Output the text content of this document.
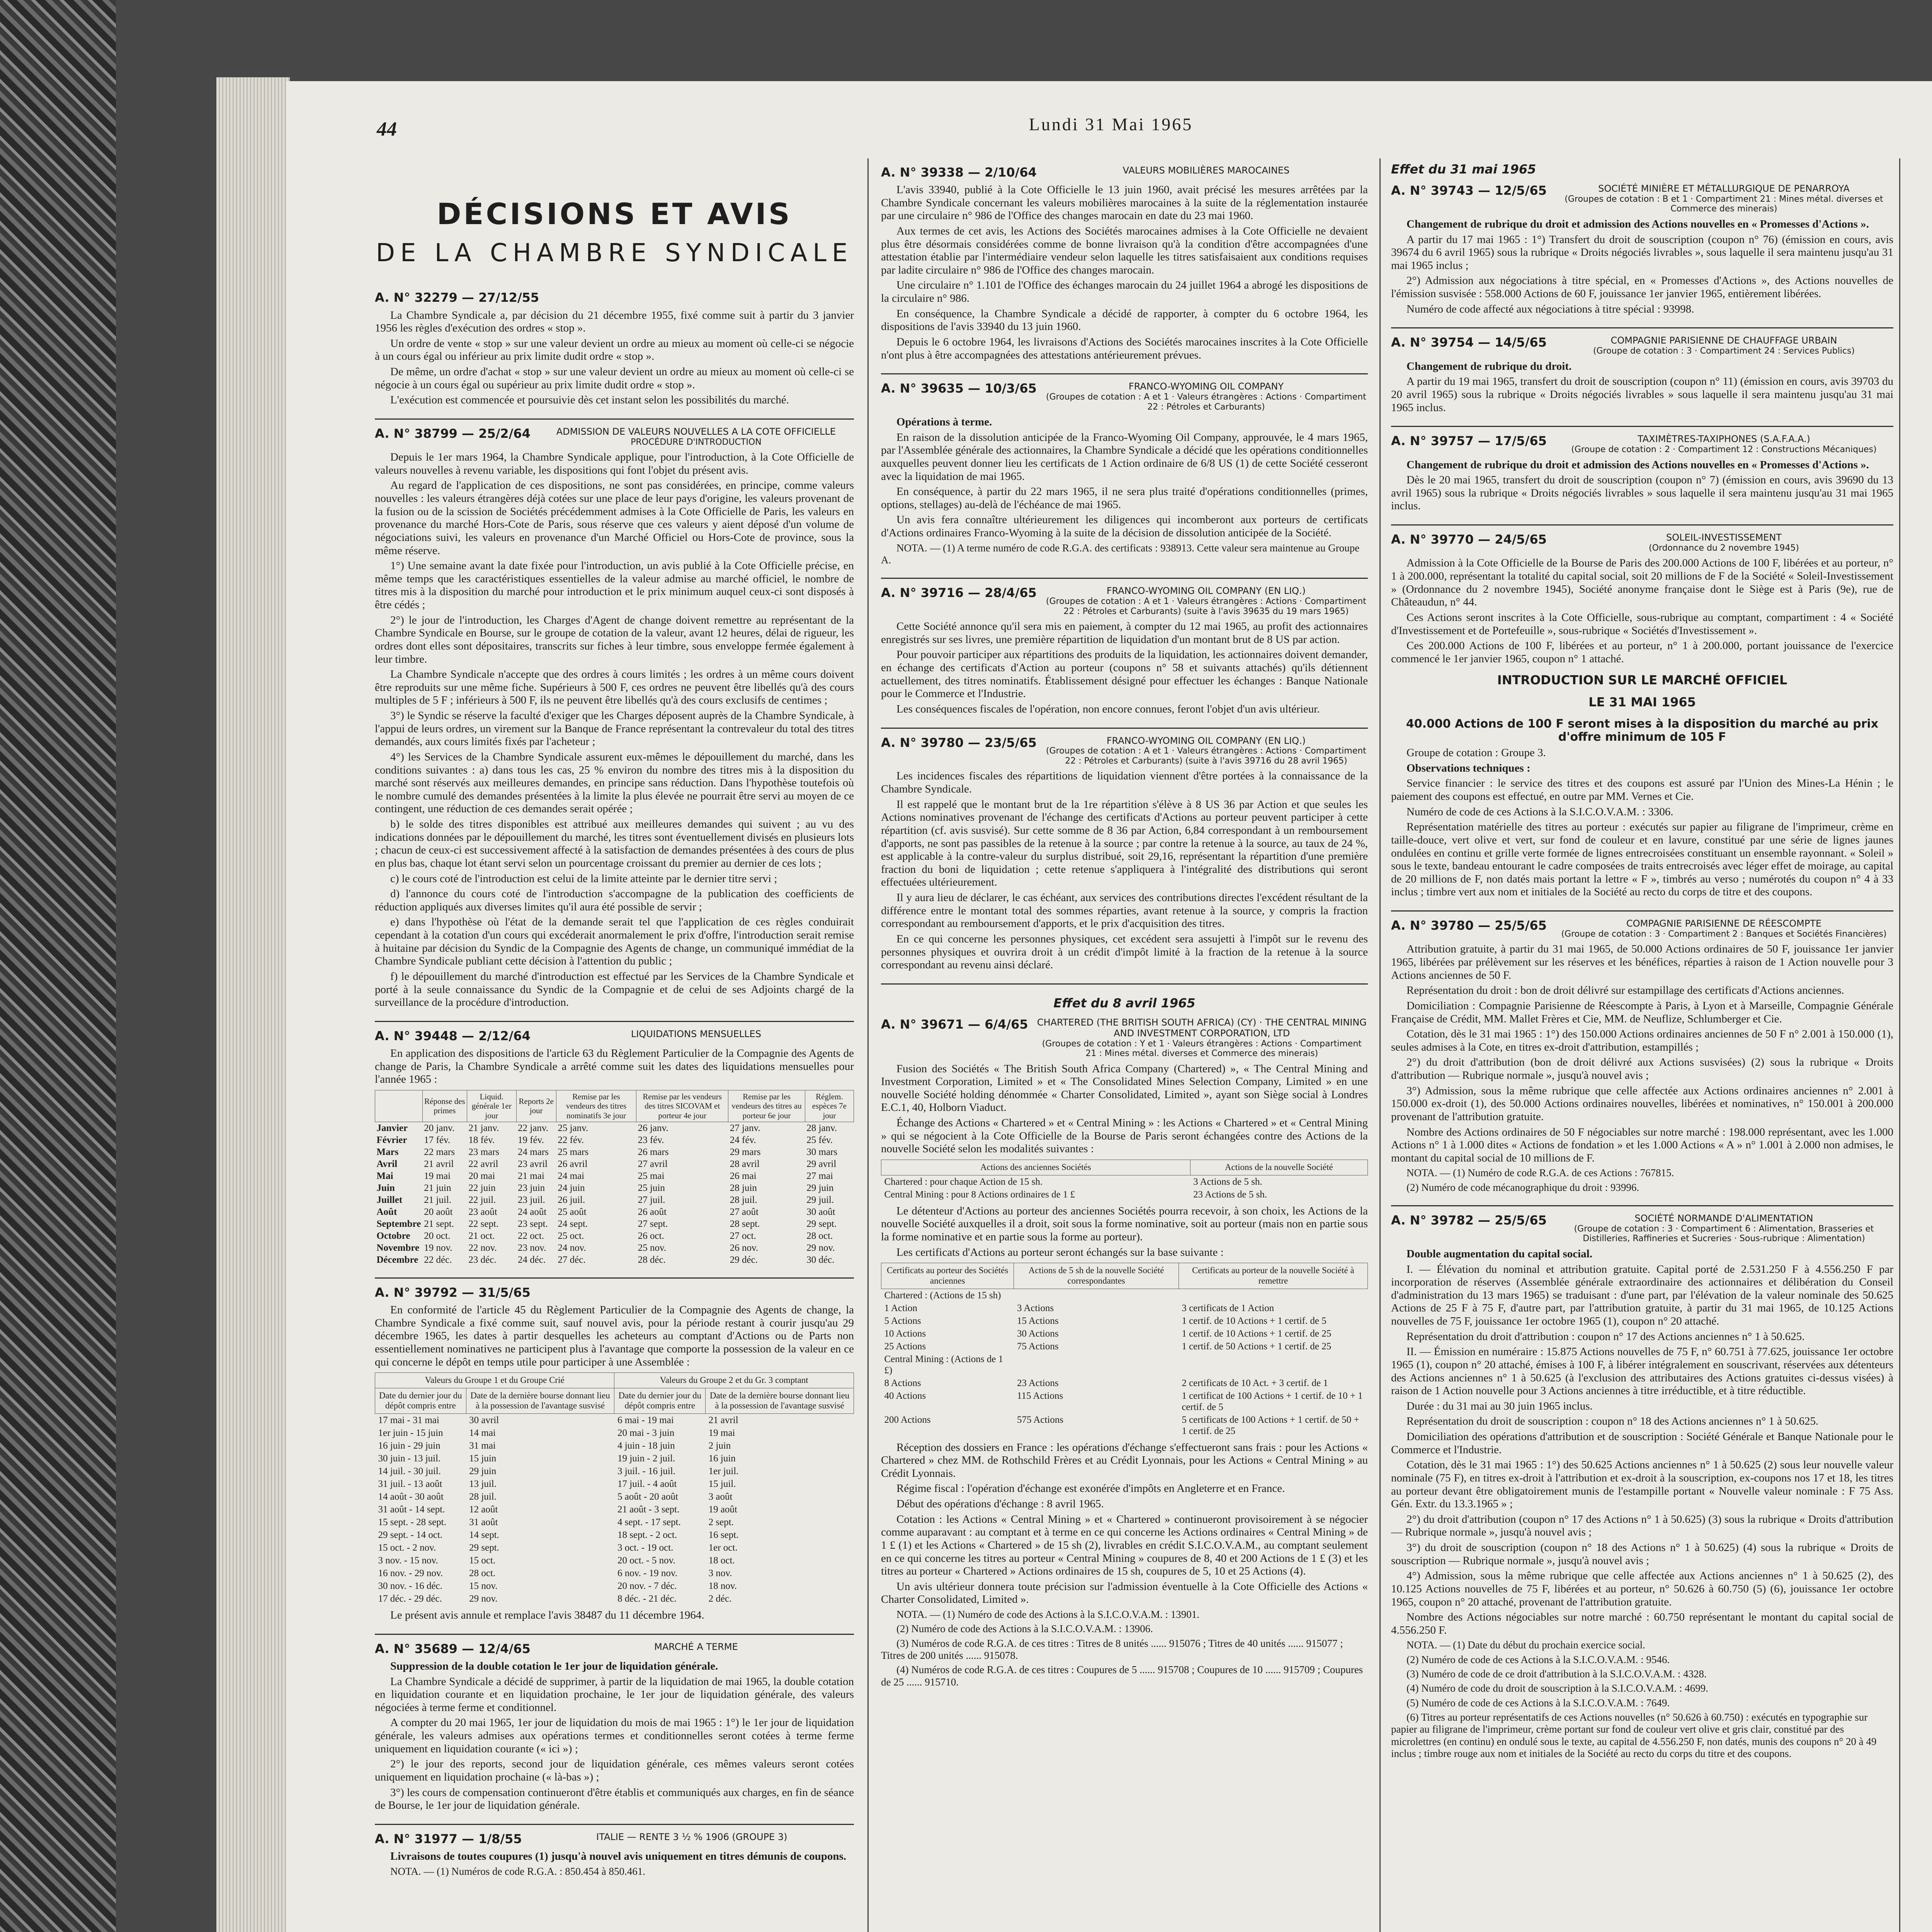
44	Lundi 31 Mai 1965
DÉCISIONS ET AVIS
DE LA CHAMBRE SYNDICALE
A. N° 32279 — 27/12/55

La Chambre Syndicale a, par décision du 21 décembre 1955, fixé comme suit à partir du 3 janvier 1956 les règles d'exécution des ordres « stop ».

Un ordre de vente « stop » sur une valeur devient un ordre au mieux au moment où celle-ci se négocie à un cours égal ou inférieur au prix limite dudit ordre « stop ».

De même, un ordre d'achat « stop » sur une valeur devient un ordre au mieux au moment où celle-ci se négocie à un cours égal ou supérieur au prix limite dudit ordre « stop ».

L'exécution est commencée et poursuivie dès cet instant selon les possibilités du marché.

A. N° 38799 — 25/2/64	ADMISSION DE VALEURS NOUVELLES A LA COTE OFFICIELLE
PROCÉDURE D'INTRODUCTION

Depuis le 1er mars 1964, la Chambre Syndicale applique, pour l'introduction, à la Cote Officielle de valeurs nouvelles à revenu variable, les dispositions qui font l'objet du présent avis.

Au regard de l'application de ces dispositions, ne sont pas considérées, en principe, comme valeurs nouvelles : les valeurs étrangères déjà cotées sur une place de leur pays d'origine, les valeurs provenant de la fusion ou de la scission de Sociétés précédemment admises à la Cote Officielle de Paris, les valeurs en provenance du marché Hors-Cote de Paris, sous réserve que ces valeurs y aient déposé d'un volume de négociations suivi, les valeurs en provenance d'un Marché Officiel ou Hors-Cote de province, sous la même réserve.

1°) Une semaine avant la date fixée pour l'introduction, un avis publié à la Cote Officielle précise, en même temps que les caractéristiques essentielles de la valeur admise au marché officiel, le nombre de titres mis à la disposition du marché pour introduction et le prix minimum auquel ceux-ci sont disposés à être cédés ;

2°) le jour de l'introduction, les Charges d'Agent de change doivent remettre au représentant de la Chambre Syndicale en Bourse, sur le groupe de cotation de la valeur, avant 12 heures, délai de rigueur, les ordres dont elles sont dépositaires, transcrits sur fiches à leur timbre, sous enveloppe fermée également à leur timbre.

La Chambre Syndicale n'accepte que des ordres à cours limités ; les ordres à un même cours doivent être reproduits sur une même fiche. Supérieurs à 500 F, ces ordres ne peuvent être libellés qu'à des cours multiples de 5 F ; inférieurs à 500 F, ils ne peuvent être libellés qu'à des cours exclusifs de centimes ;

3°) le Syndic se réserve la faculté d'exiger que les Charges déposent auprès de la Chambre Syndicale, à l'appui de leurs ordres, un virement sur la Banque de France représentant la contrevaleur du total des titres demandés, aux cours limités fixés par l'acheteur ;

4°) les Services de la Chambre Syndicale assurent eux-mêmes le dépouillement du marché, dans les conditions suivantes : a) dans tous les cas, 25 % environ du nombre des titres mis à la disposition du marché sont réservés aux meilleures demandes, en principe sans réduction. Dans l'hypothèse toutefois où le nombre cumulé des demandes présentées à la limite la plus élevée ne pourrait être servi au moyen de ce contingent, une réduction de ces demandes serait opérée ;

b) le solde des titres disponibles est attribué aux meilleures demandes qui suivent ; au vu des indications données par le dépouillement du marché, les titres sont éventuellement divisés en plusieurs lots ; chacun de ceux-ci est successivement affecté à la satisfaction de demandes présentées à des cours de plus en plus bas, chaque lot étant servi selon un pourcentage croissant du premier au dernier de ces lots ;

c) le cours coté de l'introduction est celui de la limite atteinte par le dernier titre servi ;

d) l'annonce du cours coté de l'introduction s'accompagne de la publication des coefficients de réduction appliqués aux diverses limites qu'il aura été possible de servir ;

e) dans l'hypothèse où l'état de la demande serait tel que l'application de ces règles conduirait cependant à la cotation d'un cours qui excéderait anormalement le prix d'offre, l'introduction serait remise à huitaine par décision du Syndic de la Compagnie des Agents de change, un communiqué immédiat de la Chambre Syndicale publiant cette décision à l'attention du public ;

f) le dépouillement du marché d'introduction est effectué par les Services de la Chambre Syndicale et porté à la seule connaissance du Syndic de la Compagnie et de celui de ses Adjoints chargé de la surveillance de la procédure d'introduction.

A. N° 39448 — 2/12/64	LIQUIDATIONS MENSUELLES

En application des dispositions de l'article 63 du Règlement Particulier de la Compagnie des Agents de change de Paris, la Chambre Syndicale a arrêté comme suit les dates des liquidations mensuelles pour l'année 1965 :

	Réponse des primes	Liquid. générale 1er jour	Reports 2e jour	Remise par les vendeurs des titres nominatifs 3e jour	Remise par les vendeurs des titres SICOVAM et porteur 4e jour	Remise par les vendeurs des titres au porteur 6e jour	Réglem. espèces 7e jour
Janvier	20 janv.	21 janv.	22 janv.	25 janv.	26 janv.	27 janv.	28 janv.
Février	17 fév.	18 fév.	19 fév.	22 fév.	23 fév.	24 fév.	25 fév.
Mars	22 mars	23 mars	24 mars	25 mars	26 mars	29 mars	30 mars
Avril	21 avril	22 avril	23 avril	26 avril	27 avril	28 avril	29 avril
Mai	19 mai	20 mai	21 mai	24 mai	25 mai	26 mai	27 mai
Juin	21 juin	22 juin	23 juin	24 juin	25 juin	28 juin	29 juin
Juillet	21 juil.	22 juil.	23 juil.	26 juil.	27 juil.	28 juil.	29 juil.
Août	20 août	23 août	24 août	25 août	26 août	27 août	30 août
Septembre	21 sept.	22 sept.	23 sept.	24 sept.	27 sept.	28 sept.	29 sept.
Octobre	20 oct.	21 oct.	22 oct.	25 oct.	26 oct.	27 oct.	28 oct.
Novembre	19 nov.	22 nov.	23 nov.	24 nov.	25 nov.	26 nov.	29 nov.
Décembre	22 déc.	23 déc.	24 déc.	27 déc.	28 déc.	29 déc.	30 déc.
A. N° 39792 — 31/5/65

En conformité de l'article 45 du Règlement Particulier de la Compagnie des Agents de change, la Chambre Syndicale a fixé comme suit, sauf nouvel avis, pour la période restant à courir jusqu'au 29 décembre 1965, les dates à partir desquelles les acheteurs au comptant d'Actions ou de Parts non essentiellement nominatives ne participent plus à l'avantage que comporte la possession de la valeur en ce qui concerne le dépôt en temps utile pour participer à une Assemblée :

Valeurs du Groupe 1 et du Groupe Crié		Valeurs du Groupe 2 et du Gr. 3 comptant	
Date du dernier jour du dépôt compris entre	Date de la dernière bourse donnant lieu à la possession de l'avantage susvisé	Date du dernier jour du dépôt compris entre	Date de la dernière bourse donnant lieu à la possession de l'avantage susvisé
17 mai - 31 mai	30 avril	6 mai - 19 mai	21 avril
1er juin - 15 juin	14 mai	20 mai - 3 juin	19 mai
16 juin - 29 juin	31 mai	4 juin - 18 juin	2 juin
30 juin - 13 juil.	15 juin	19 juin - 2 juil.	16 juin
14 juil. - 30 juil.	29 juin	3 juil. - 16 juil.	1er juil.
31 juil. - 13 août	13 juil.	17 juil. - 4 août	15 juil.
14 août - 30 août	28 juil.	5 août - 20 août	3 août
31 août - 14 sept.	12 août	21 août - 3 sept.	19 août
15 sept. - 28 sept.	31 août	4 sept. - 17 sept.	2 sept.
29 sept. - 14 oct.	14 sept.	18 sept. - 2 oct.	16 sept.
15 oct. - 2 nov.	29 sept.	3 oct. - 19 oct.	1er oct.
3 nov. - 15 nov.	15 oct.	20 oct. - 5 nov.	18 oct.
16 nov. - 29 nov.	28 oct.	6 nov. - 19 nov.	3 nov.
30 nov. - 16 déc.	15 nov.	20 nov. - 7 déc.	18 nov.
17 déc. - 29 déc.	29 nov.	8 déc. - 21 déc.	2 déc.

Le présent avis annule et remplace l'avis 38487 du 11 décembre 1964.

A. N° 35689 — 12/4/65	MARCHÉ A TERME

Suppression de la double cotation le 1er jour de liquidation générale.

La Chambre Syndicale a décidé de supprimer, à partir de la liquidation de mai 1965, la double cotation en liquidation courante et en liquidation prochaine, le 1er jour de liquidation générale, des valeurs négociées à terme ferme et conditionnel.

A compter du 20 mai 1965, 1er jour de liquidation du mois de mai 1965 : 1°) le 1er jour de liquidation générale, les valeurs admises aux opérations termes et conditionnelles seront cotées à terme ferme uniquement en liquidation courante (« ici ») ;

2°) le jour des reports, second jour de liquidation générale, ces mêmes valeurs seront cotées uniquement en liquidation prochaine (« là-bas ») ;

3°) les cours de compensation continueront d'être établis et communiqués aux charges, en fin de séance de Bourse, le 1er jour de liquidation générale.

A. N° 31977 — 1/8/55	ITALIE — RENTE 3 ½ % 1906 (GROUPE 3)

Livraisons de toutes coupures (1) jusqu'à nouvel avis uniquement en titres démunis de coupons.

NOTA. — (1) Numéros de code R.G.A. : 850.454 à 850.461.

A. N° 39338 — 2/10/64	VALEURS MOBILIÈRES MAROCAINES

L'avis 33940, publié à la Cote Officielle le 13 juin 1960, avait précisé les mesures arrêtées par la Chambre Syndicale concernant les valeurs mobilières marocaines à la suite de la réglementation instaurée par une circulaire n° 986 de l'Office des changes marocain en date du 23 mai 1960.

Aux termes de cet avis, les Actions des Sociétés marocaines admises à la Cote Officielle ne devaient plus être désormais considérées comme de bonne livraison qu'à la condition d'être accompagnées d'une attestation établie par l'intermédiaire vendeur selon laquelle les titres satisfaisaient aux conditions requises par ladite circulaire n° 986 de l'Office des changes marocain.

Une circulaire n° 1.101 de l'Office des échanges marocain du 24 juillet 1964 a abrogé les dispositions de la circulaire n° 986.

En conséquence, la Chambre Syndicale a décidé de rapporter, à compter du 6 octobre 1964, les dispositions de l'avis 33940 du 13 juin 1960.

Depuis le 6 octobre 1964, les livraisons d'Actions des Sociétés marocaines inscrites à la Cote Officielle n'ont plus à être accompagnées des attestations antérieurement prévues.

A. N° 39635 — 10/3/65	FRANCO-WYOMING OIL COMPANY
(Groupes de cotation : A et 1 · Valeurs étrangères : Actions · Compartiment 22 : Pétroles et Carburants)

Opérations à terme.

En raison de la dissolution anticipée de la Franco-Wyoming Oil Company, approuvée, le 4 mars 1965, par l'Assemblée générale des actionnaires, la Chambre Syndicale a décidé que les opérations conditionnelles auxquelles peuvent donner lieu les certificats de 1 Action ordinaire de 6/8 US (1) de cette Société cesseront avec la liquidation de mai 1965.

En conséquence, à partir du 22 mars 1965, il ne sera plus traité d'opérations conditionnelles (primes, options, stellages) au-delà de l'échéance de mai 1965.

Un avis fera connaître ultérieurement les diligences qui incomberont aux porteurs de certificats d'Actions ordinaires Franco-Wyoming à la suite de la décision de dissolution anticipée de la Société.

NOTA. — (1) A terme numéro de code R.G.A. des certificats : 938913. Cette valeur sera maintenue au Groupe A.

A. N° 39716 — 28/4/65	FRANCO-WYOMING OIL COMPANY (EN LIQ.)
(Groupes de cotation : A et 1 · Valeurs étrangères : Actions · Compartiment 22 : Pétroles et Carburants) (suite à l'avis 39635 du 19 mars 1965)

Cette Société annonce qu'il sera mis en paiement, à compter du 12 mai 1965, au profit des actionnaires enregistrés sur ses livres, une première répartition de liquidation d'un montant brut de 8 US par action.

Pour pouvoir participer aux répartitions des produits de la liquidation, les actionnaires doivent demander, en échange des certificats d'Action au porteur (coupons n° 58 et suivants attachés) qu'ils détiennent actuellement, des titres nominatifs. Établissement désigné pour effectuer les échanges : Banque Nationale pour le Commerce et l'Industrie.

Les conséquences fiscales de l'opération, non encore connues, feront l'objet d'un avis ultérieur.

A. N° 39780 — 23/5/65	FRANCO-WYOMING OIL COMPANY (EN LIQ.)
(Groupes de cotation : A et 1 · Valeurs étrangères : Actions · Compartiment 22 : Pétroles et Carburants) (suite à l'avis 39716 du 28 avril 1965)

Les incidences fiscales des répartitions de liquidation viennent d'être portées à la connaissance de la Chambre Syndicale.

Il est rappelé que le montant brut de la 1re répartition s'élève à 8 US 36 par Action et que seules les Actions nominatives provenant de l'échange des certificats d'Actions au porteur peuvent participer à cette répartition (cf. avis susvisé). Sur cette somme de 8 36 par Action, 6,84 correspondant à un remboursement d'apports, ne sont pas passibles de la retenue à la source ; par contre la retenue à la source, au taux de 24 %, est applicable à la contre-valeur du surplus distribué, soit 29,16, représentant la répartition d'une première fraction du boni de liquidation ; cette retenue s'appliquera à l'intégralité des distributions qui seront effectuées ultérieurement.

Il y aura lieu de déclarer, le cas échéant, aux services des contributions directes l'excédent résultant de la différence entre le montant total des sommes réparties, avant retenue à la source, y compris la fraction correspondant au remboursement d'apports, et le prix d'acquisition des titres.

En ce qui concerne les personnes physiques, cet excédent sera assujetti à l'impôt sur le revenu des personnes physiques et ouvrira droit à un crédit d'impôt limité à la fraction de la retenue à la source correspondant au revenu ainsi déclaré.

Effet du 8 avril 1965
A. N° 39671 — 6/4/65 CHARTERED (THE BRITISH SOUTH AFRICA) (CY) · THE CENTRAL MINING AND INVESTMENT CORPORATION, LTD
(Groupes de cotation : Y et 1 · Valeurs étrangères : Actions · Compartiment 21 : Mines métal. diverses et Commerce des minerais)

Fusion des Sociétés « The British South Africa Company (Chartered) », « The Central Mining and Investment Corporation, Limited » et « The Consolidated Mines Selection Company, Limited » en une nouvelle Société holding dénommée « Charter Consolidated, Limited », ayant son Siège social à Londres E.C.1, 40, Holborn Viaduct.

Échange des Actions « Chartered » et « Central Mining » : les Actions « Chartered » et « Central Mining » qui se négocient à la Cote Officielle de la Bourse de Paris seront échangées contre des Actions de la nouvelle Société selon les modalités suivantes :

Actions des anciennes Sociétés	Actions de la nouvelle Société
Chartered : pour chaque Action de 15 sh.	3 Actions de 5 sh.
Central Mining : pour 8 Actions ordinaires de 1 £	23 Actions de 5 sh.

Le détenteur d'Actions au porteur des anciennes Sociétés pourra recevoir, à son choix, les Actions de la nouvelle Société auxquelles il a droit, soit sous la forme nominative, soit au porteur (mais non en partie sous la forme nominative et en partie sous la forme au porteur).

Les certificats d'Actions au porteur seront échangés sur la base suivante :

Certificats au porteur des Sociétés anciennes	Actions de 5 sh de la nouvelle Société correspondantes	Certificats au porteur de la nouvelle Société à remettre
Chartered : (Actions de 15 sh)		
1 Action	3 Actions	3 certificats de 1 Action
5 Actions	15 Actions	1 certif. de 10 Actions + 1 certif. de 5
10 Actions	30 Actions	1 certif. de 10 Actions + 1 certif. de 25
25 Actions	75 Actions	1 certif. de 50 Actions + 1 certif. de 25
Central Mining : (Actions de 1 £)		
8 Actions	23 Actions	2 certificats de 10 Act. + 3 certif. de 1
40 Actions	115 Actions	1 certificat de 100 Actions + 1 certif. de 10 + 1 certif. de 5
200 Actions	575 Actions	5 certificats de 100 Actions + 1 certif. de 50 + 1 certif. de 25

Réception des dossiers en France : les opérations d'échange s'effectueront sans frais : pour les Actions « Chartered » chez MM. de Rothschild Frères et au Crédit Lyonnais, pour les Actions « Central Mining » au Crédit Lyonnais.

Régime fiscal : l'opération d'échange est exonérée d'impôts en Angleterre et en France.

Début des opérations d'échange : 8 avril 1965.

Cotation : les Actions « Central Mining » et « Chartered » continueront provisoirement à se négocier comme auparavant : au comptant et à terme en ce qui concerne les Actions ordinaires « Central Mining » de 1 £ (1) et les Actions « Chartered » de 15 sh (2), livrables en crédit S.I.C.O.V.A.M., au comptant seulement en ce qui concerne les titres au porteur « Central Mining » coupures de 8, 40 et 200 Actions de 1 £ (3) et les titres au porteur « Chartered » Actions ordinaires de 15 sh, coupures de 5, 10 et 25 Actions (4).

Un avis ultérieur donnera toute précision sur l'admission éventuelle à la Cote Officielle des Actions « Charter Consolidated, Limited ».

NOTA. — (1) Numéro de code des Actions à la S.I.C.O.V.A.M. : 13901.

(2) Numéro de code des Actions à la S.I.C.O.V.A.M. : 13906.

(3) Numéros de code R.G.A. de ces titres : Titres de 8 unités ...... 915076 ; Titres de 40 unités ...... 915077 ; Titres de 200 unités ...... 915078.

(4) Numéros de code R.G.A. de ces titres : Coupures de 5 ...... 915708 ; Coupures de 10 ...... 915709 ; Coupures de 25 ...... 915710.

Effet du 31 mai 1965
A. N° 39743 — 12/5/65	SOCIÉTÉ MINIÈRE ET MÉTALLURGIQUE DE PENARROYA
(Groupes de cotation : B et 1 · Compartiment 21 : Mines métal. diverses et Commerce des minerais)

Changement de rubrique du droit et admission des Actions nouvelles en « Promesses d'Actions ».

A partir du 17 mai 1965 : 1°) Transfert du droit de souscription (coupon n° 76) (émission en cours, avis 39674 du 6 avril 1965) sous la rubrique « Droits négociés livrables », sous laquelle il sera maintenu jusqu'au 31 mai 1965 inclus ;

2°) Admission aux négociations à titre spécial, en « Promesses d'Actions », des Actions nouvelles de l'émission susvisée : 558.000 Actions de 60 F, jouissance 1er janvier 1965, entièrement libérées.

Numéro de code affecté aux négociations à titre spécial : 93998.

A. N° 39754 — 14/5/65	COMPAGNIE PARISIENNE DE CHAUFFAGE URBAIN
(Groupe de cotation : 3 · Compartiment 24 : Services Publics)

Changement de rubrique du droit.

A partir du 19 mai 1965, transfert du droit de souscription (coupon n° 11) (émission en cours, avis 39703 du 20 avril 1965) sous la rubrique « Droits négociés livrables » sous laquelle il sera maintenu jusqu'au 31 mai 1965 inclus.

A. N° 39757 — 17/5/65	TAXIMÈTRES-TAXIPHONES (S.A.F.A.A.)
(Groupe de cotation : 2 · Compartiment 12 : Constructions Mécaniques)

Changement de rubrique du droit et admission des Actions nouvelles en « Promesses d'Actions ».

Dès le 20 mai 1965, transfert du droit de souscription (coupon n° 7) (émission en cours, avis 39690 du 13 avril 1965) sous la rubrique « Droits négociés livrables » sous laquelle il sera maintenu jusqu'au 31 mai 1965 inclus.

A. N° 39770 — 24/5/65	SOLEIL-INVESTISSEMENT
(Ordonnance du 2 novembre 1945)

Admission à la Cote Officielle de la Bourse de Paris des 200.000 Actions de 100 F, libérées et au porteur, n° 1 à 200.000, représentant la totalité du capital social, soit 20 millions de F de la Société « Soleil-Investissement » (Ordonnance du 2 novembre 1945), Société anonyme française dont le Siège est à Paris (9e), rue de Châteaudun, n° 44.

Ces Actions seront inscrites à la Cote Officielle, sous-rubrique au comptant, compartiment : 4 « Société d'Investissement et de Portefeuille », sous-rubrique « Sociétés d'Investissement ».

Ces 200.000 Actions de 100 F, libérées et au porteur, n° 1 à 200.000, portant jouissance de l'exercice commencé le 1er janvier 1965, coupon n° 1 attaché.

INTRODUCTION SUR LE MARCHÉ OFFICIEL
LE 31 MAI 1965
40.000 Actions de 100 F seront mises à la disposition du marché au prix d'offre minimum de 105 F

Groupe de cotation : Groupe 3.

Observations techniques :

Service financier : le service des titres et des coupons est assuré par l'Union des Mines-La Hénin ; le paiement des coupons est effectué, en outre par MM. Vernes et Cie.

Numéro de code de ces Actions à la S.I.C.O.V.A.M. : 3306.

Représentation matérielle des titres au porteur : exécutés sur papier au filigrane de l'imprimeur, crème en taille-douce, vert olive et vert, sur fond de couleur et en lavure, constitué par une série de lignes jaunes ondulées en continu et grille verte formée de lignes entrecroisées constituant un ensemble rayonnant. « Soleil » sous le texte, bandeau entourant le cadre composées de traits entrecroisés avec léger effet de moirage, au capital de 20 millions de F, non datés mais portant la lettre « F », timbrés au verso ; numérotés du coupon n° 4 à 33 inclus ; timbre vert aux nom et initiales de la Société au recto du corps de titre et des coupons.

A. N° 39780 — 25/5/65	COMPAGNIE PARISIENNE DE RÉESCOMPTE
(Groupe de cotation : 3 · Compartiment 2 : Banques et Sociétés Financières)

Attribution gratuite, à partir du 31 mai 1965, de 50.000 Actions ordinaires de 50 F, jouissance 1er janvier 1965, libérées par prélèvement sur les réserves et les bénéfices, réparties à raison de 1 Action nouvelle pour 3 Actions anciennes de 50 F.

Représentation du droit : bon de droit délivré sur estampillage des certificats d'Actions anciennes.

Domiciliation : Compagnie Parisienne de Réescompte à Paris, à Lyon et à Marseille, Compagnie Générale Française de Crédit, MM. Mallet Frères et Cie, MM. de Neuflize, Schlumberger et Cie.

Cotation, dès le 31 mai 1965 : 1°) des 150.000 Actions ordinaires anciennes de 50 F n° 2.001 à 150.000 (1), seules admises à la Cote, en titres ex-droit d'attribution, estampillés ;

2°) du droit d'attribution (bon de droit délivré aux Actions susvisées) (2) sous la rubrique « Droits d'attribution — Rubrique normale », jusqu'à nouvel avis ;

3°) Admission, sous la même rubrique que celle affectée aux Actions ordinaires anciennes n° 2.001 à 150.000 ex-droit (1), des 50.000 Actions ordinaires nouvelles, libérées et nominatives, n° 150.001 à 200.000 provenant de l'attribution gratuite.

Nombre des Actions ordinaires de 50 F négociables sur notre marché : 198.000 représentant, avec les 1.000 Actions n° 1 à 1.000 dites « Actions de fondation » et les 1.000 Actions « A » n° 1.001 à 2.000 non admises, le montant du capital social de 10 millions de F.

NOTA. — (1) Numéro de code R.G.A. de ces Actions : 767815.

(2) Numéro de code mécanographique du droit : 93996.

A. N° 39782 — 25/5/65	SOCIÉTÉ NORMANDE D'ALIMENTATION
(Groupe de cotation : 3 · Compartiment 6 : Alimentation, Brasseries et Distilleries, Raffineries et Sucreries · Sous-rubrique : Alimentation)

Double augmentation du capital social.

I. — Élévation du nominal et attribution gratuite. Capital porté de 2.531.250 F à 4.556.250 F par incorporation de réserves (Assemblée générale extraordinaire des actionnaires et délibération du Conseil d'administration du 13 mars 1965) se traduisant : d'une part, par l'élévation de la valeur nominale des 50.625 Actions de 25 F à 75 F, d'autre part, par l'attribution gratuite, à partir du 31 mai 1965, de 10.125 Actions nouvelles de 75 F, jouissance 1er octobre 1965 (1), coupon n° 20 attaché.

Représentation du droit d'attribution : coupon n° 17 des Actions anciennes n° 1 à 50.625.

II. — Émission en numéraire : 15.875 Actions nouvelles de 75 F, n° 60.751 à 77.625, jouissance 1er octobre 1965 (1), coupon n° 20 attaché, émises à 100 F, à libérer intégralement en souscrivant, réservées aux détenteurs des Actions anciennes n° 1 à 50.625 (à l'exclusion des attributaires des Actions gratuites ci-dessus visées) à raison de 1 Action nouvelle pour 3 Actions anciennes à titre irréductible, et à titre réductible.

Durée : du 31 mai au 30 juin 1965 inclus.

Représentation du droit de souscription : coupon n° 18 des Actions anciennes n° 1 à 50.625.

Domiciliation des opérations d'attribution et de souscription : Société Générale et Banque Nationale pour le Commerce et l'Industrie.

Cotation, dès le 31 mai 1965 : 1°) des 50.625 Actions anciennes n° 1 à 50.625 (2) sous leur nouvelle valeur nominale (75 F), en titres ex-droit à l'attribution et ex-droit à la souscription, ex-coupons nos 17 et 18, les titres au porteur devant être obligatoirement munis de l'estampille portant « Nouvelle valeur nominale : F 75 Ass. Gén. Extr. du 13.3.1965 » ;

2°) du droit d'attribution (coupon n° 17 des Actions n° 1 à 50.625) (3) sous la rubrique « Droits d'attribution — Rubrique normale », jusqu'à nouvel avis ;

3°) du droit de souscription (coupon n° 18 des Actions n° 1 à 50.625) (4) sous la rubrique « Droits de souscription — Rubrique normale », jusqu'à nouvel avis ;

4°) Admission, sous la même rubrique que celle affectée aux Actions anciennes n° 1 à 50.625 (2), des 10.125 Actions nouvelles de 75 F, libérées et au porteur, n° 50.626 à 60.750 (5) (6), jouissance 1er octobre 1965, coupon n° 20 attaché, provenant de l'attribution gratuite.

Nombre des Actions négociables sur notre marché : 60.750 représentant le montant du capital social de 4.556.250 F.

NOTA. — (1) Date du début du prochain exercice social.

(2) Numéro de code de ces Actions à la S.I.C.O.V.A.M. : 9546.

(3) Numéro de code de ce droit d'attribution à la S.I.C.O.V.A.M. : 4328.

(4) Numéro de code du droit de souscription à la S.I.C.O.V.A.M. : 4699.

(5) Numéro de code de ces Actions à la S.I.C.O.V.A.M. : 7649.

(6) Titres au porteur représentatifs de ces Actions nouvelles (n° 50.626 à 60.750) : exécutés en typographie sur papier au filigrane de l'imprimeur, crème portant sur fond de couleur vert olive et gris clair, constitué par des microlettres (en continu) en ondulé sous le texte, au capital de 4.556.250 F, non datés, munis des coupons n° 20 à 49 inclus ; timbre rouge aux nom et initiales de la Société au recto du corps du titre et des coupons.
